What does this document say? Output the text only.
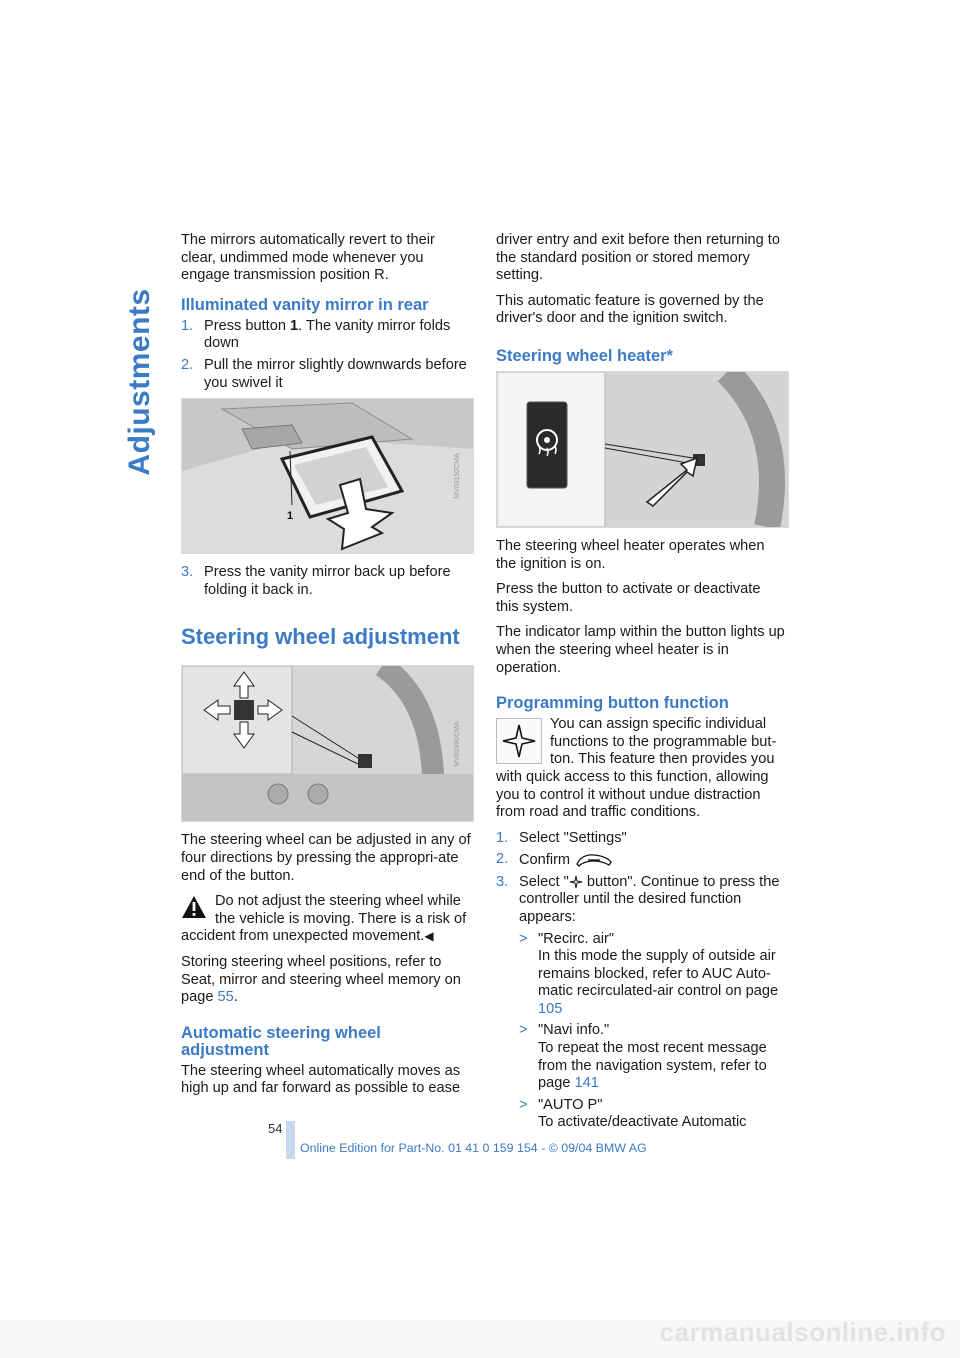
Adjustments

The mirrors automatically revert to their clear, undimmed mode whenever you engage transmission position R.

Illuminated vanity mirror in rear
1. Press button 1. The vanity mirror folds down
2. Pull the mirror slightly downwards before you swivel it
1
MV03150CMA
3. Press the vanity mirror back up before folding it back in.
Steering wheel adjustment
MV02980CMA

The steering wheel can be adjusted in any of four directions by pressing the appropri-ate end of the button.

Do not adjust the steering wheel while the vehicle is moving. There is a risk of accident from unexpected movement.◀

Storing steering wheel positions, refer to Seat, mirror and steering wheel memory on page 55.

Automatic steering wheel adjustment

The steering wheel automatically moves as high up and far forward as possible to ease

driver entry and exit before then returning to the standard position or stored memory setting.

This automatic feature is governed by the driver's door and the ignition switch.

Steering wheel heater*
MV03020CMA

The steering wheel heater operates when the ignition is on.

Press the button to activate or deactivate this system.

The indicator lamp within the button lights up when the steering wheel heater is in operation.

Programming button function

You can assign specific individual functions to the programmable but-ton. This feature then provides you with quick access to this function, allowing you to control it without undue distraction from road and traffic conditions.

1. Select "Settings"
2. Confirm
3. Select " button". Continue to press the controller until the desired function appears:
> "Recirc. air"
In this mode the supply of outside air remains blocked, refer to AUC Auto-matic recirculated-air control on page 105
> "Navi info."
To repeat the most recent message from the navigation system, refer to page 141
> "AUTO P"
To activate/deactivate Automatic
54
Online Edition for Part-No. 01 41 0 159 154 - © 09/04 BMW AG
carmanualsonline.info
